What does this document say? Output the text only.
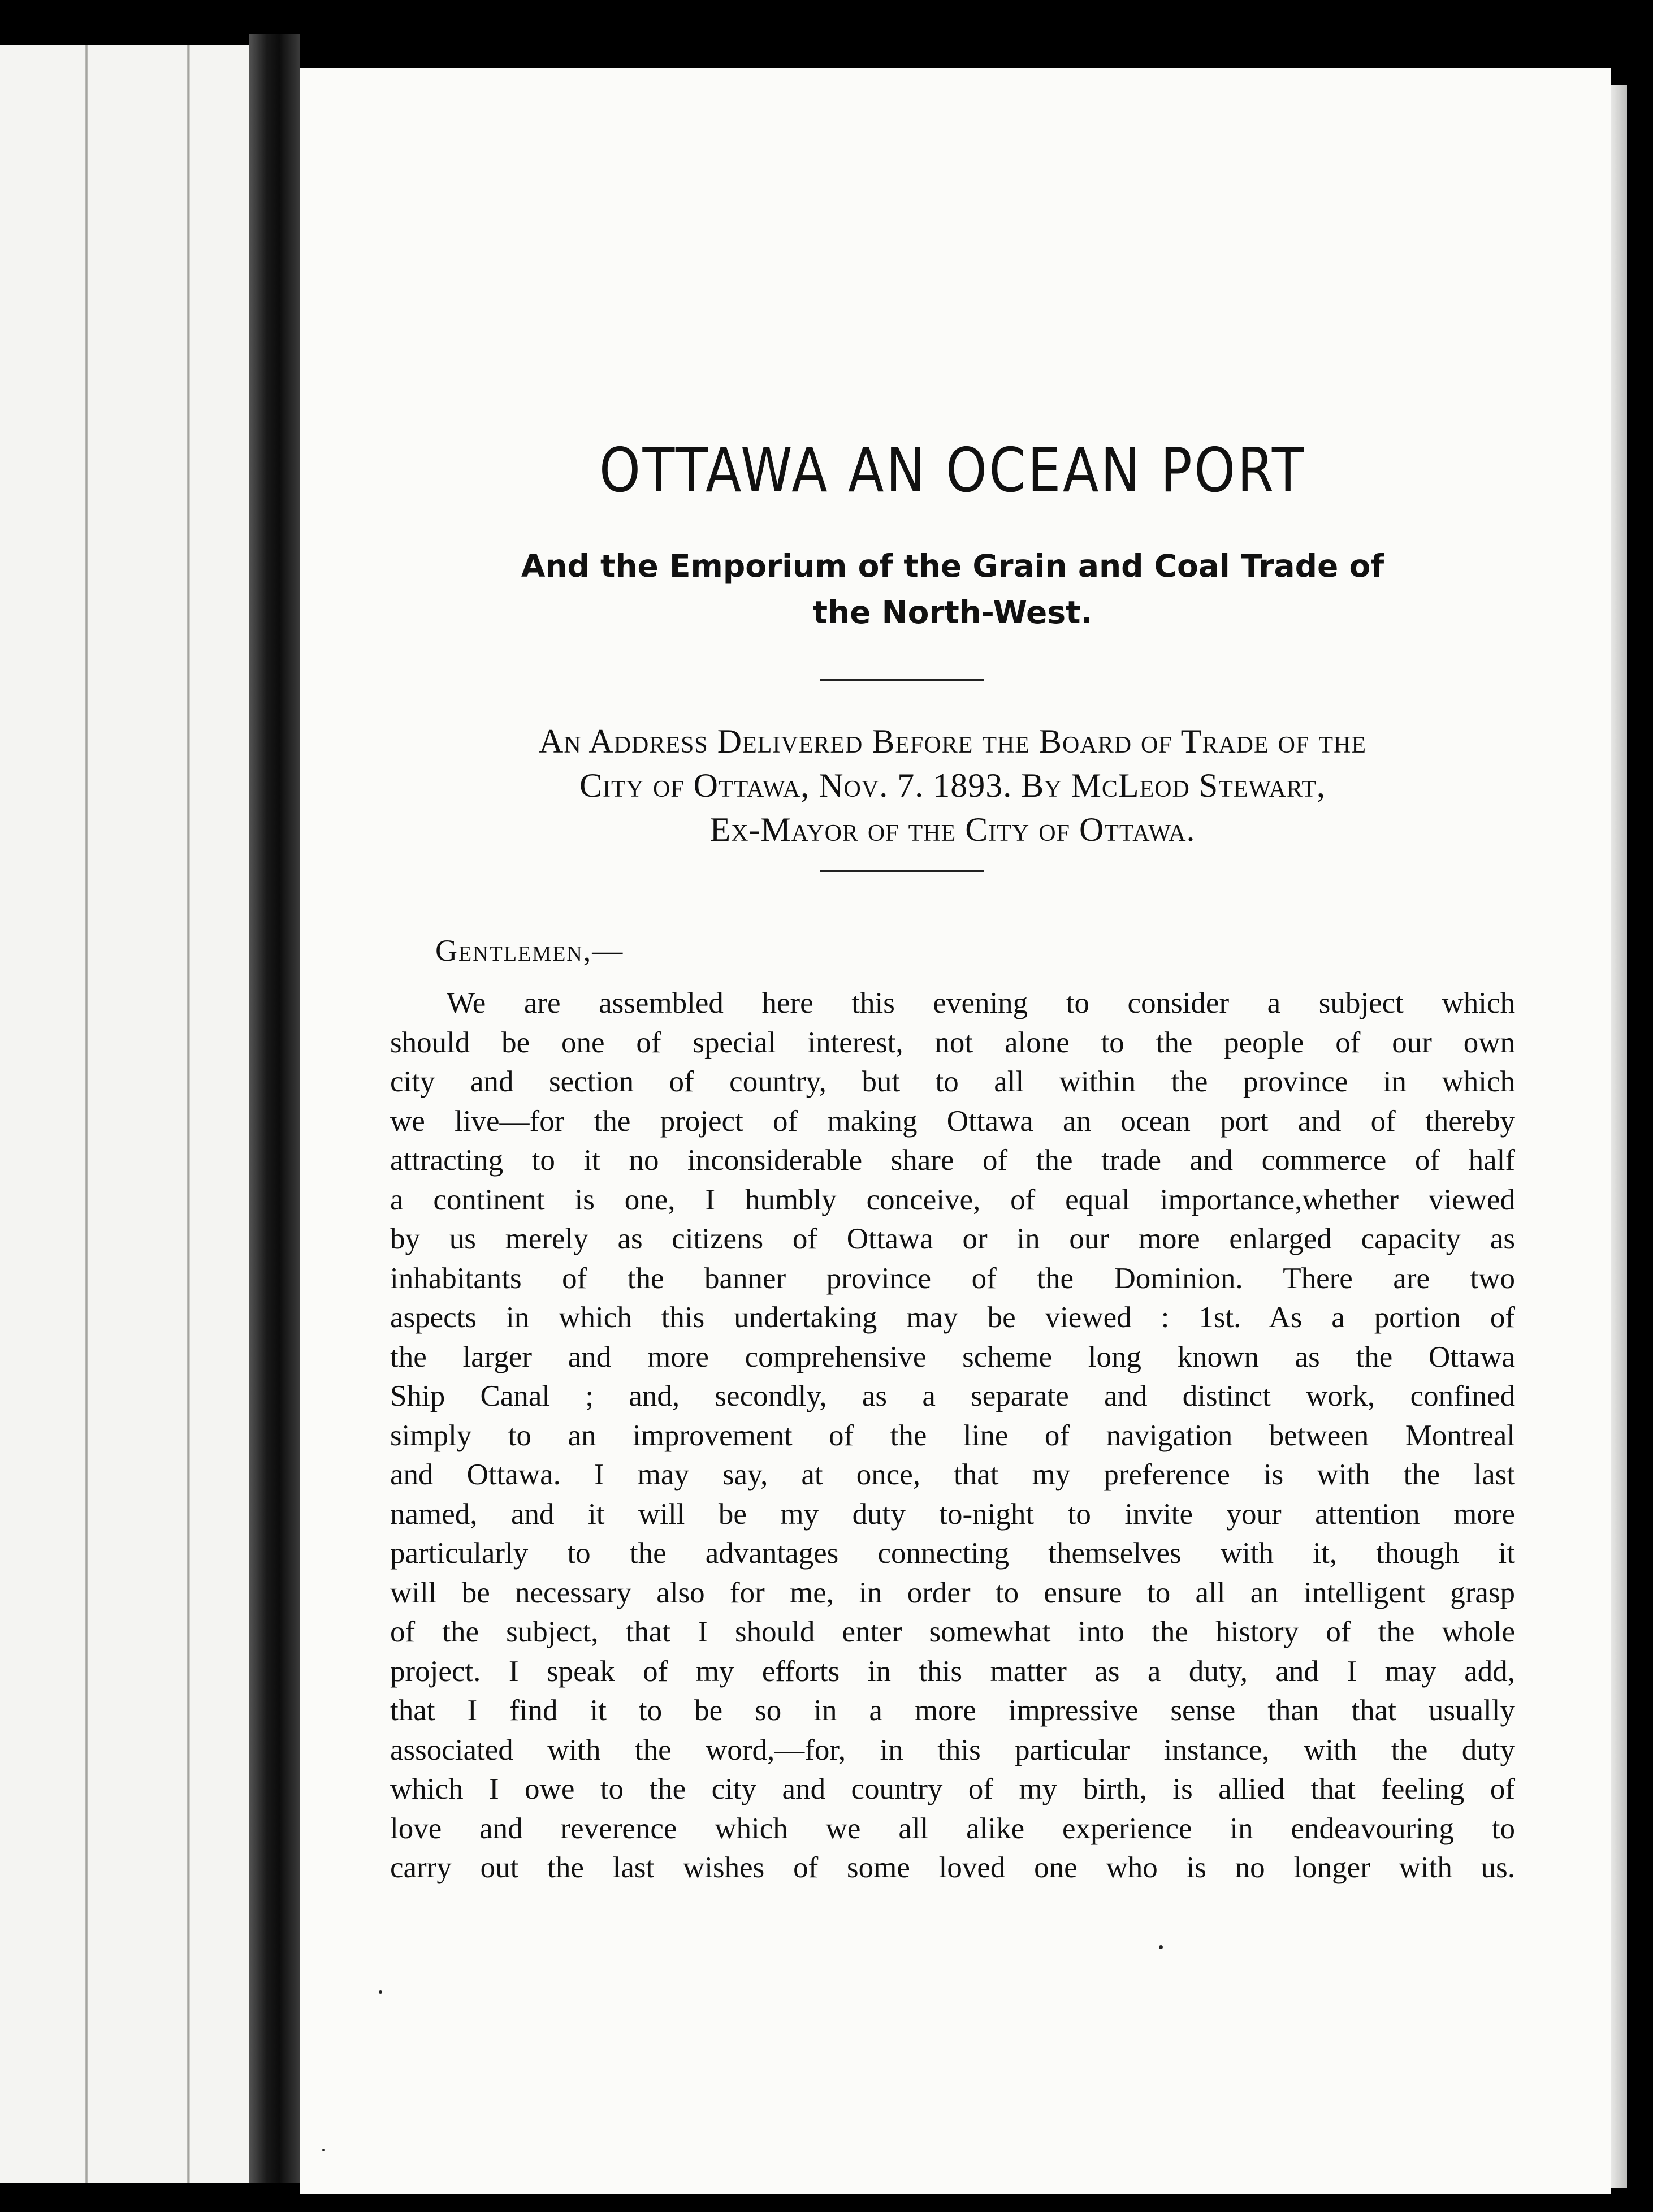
OTTAWA AN OCEAN PORT
And the Emporium of the Grain and Coal Trade of
the North-West.
An Address Delivered Before the Board of Trade of the
City of Ottawa, Nov. 7. 1893. By McLeod Stewart,
Ex-Mayor of the City of Ottawa.
Gentlemen,—
We are assembled here this evening to consider a subject which
should be one of special interest, not alone to the people of our own
city and section of country, but to all within the province in which
we live—for the project of making Ottawa an ocean port and of thereby
attracting to it no inconsiderable share of the trade and commerce of half
a continent is one, I humbly conceive, of equal importance,whether viewed
by us merely as citizens of Ottawa or in our more enlarged capacity as
inhabitants of the banner province of the Dominion. There are two
aspects in which this undertaking may be viewed : 1st. As a portion of
the larger and more comprehensive scheme long known as the Ottawa
Ship Canal ; and, secondly, as a separate and distinct work, confined
simply to an improvement of the line of navigation between Montreal
and Ottawa. I may say, at once, that my preference is with the last
named, and it will be my duty to-night to invite your attention more
particularly to the advantages connecting themselves with it, though it
will be necessary also for me, in order to ensure to all an intelligent grasp
of the subject, that I should enter somewhat into the history of the whole
project. I speak of my efforts in this matter as a duty, and I may add,
that I find it to be so in a more impressive sense than that usually
associated with the word,—for, in this particular instance, with the duty
which I owe to the city and country of my birth, is allied that feeling of
love and reverence which we all alike experience in endeavouring to
carry out the last wishes of some loved one who is no longer with us.
